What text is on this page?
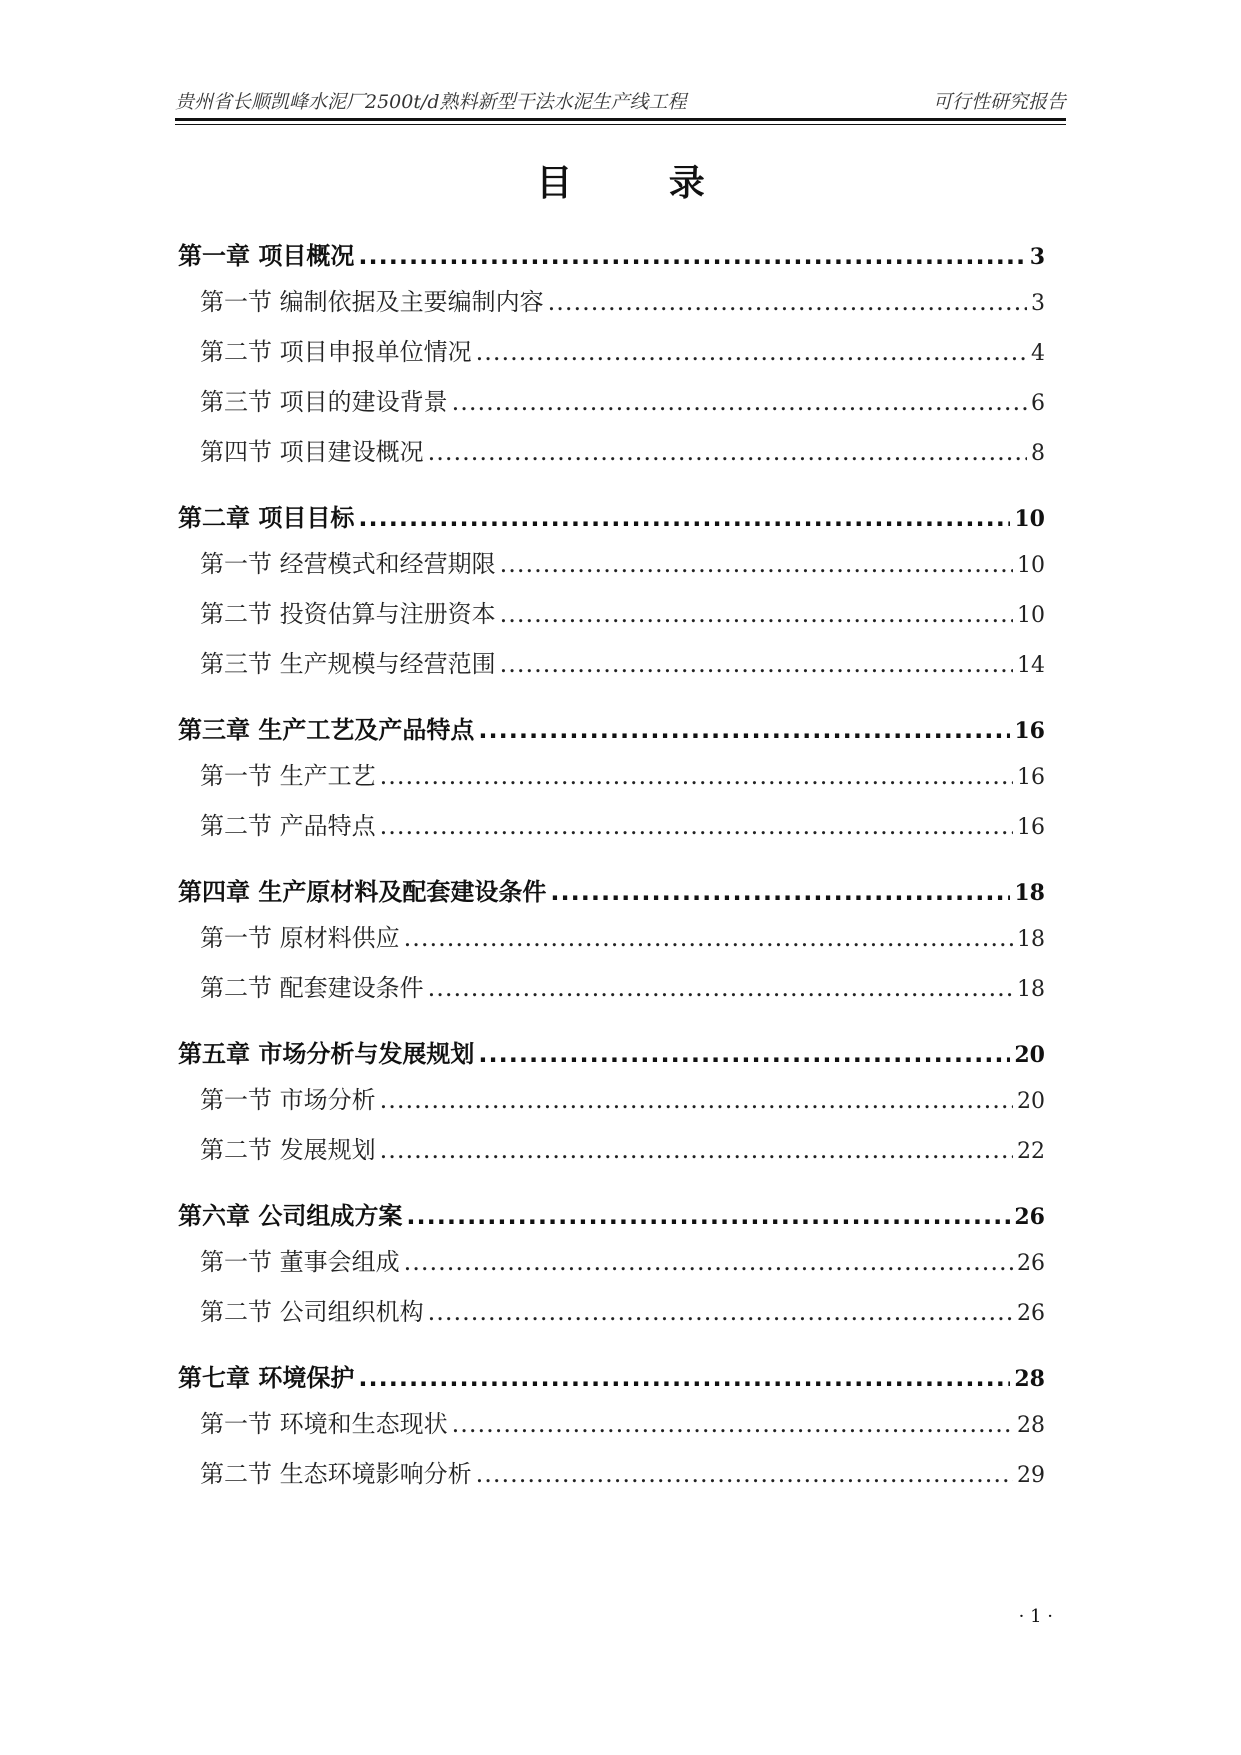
贵州省长顺凯峰水泥厂2500t/d熟料新型干法水泥生产线工程	可行性研究报告
目 录
第一章 项目概况 .....	3
第一节 编制依据及主要编制内容 .....	3
第二节 项目申报单位情况 .....	4
第三节 项目的建设背景 .....	6
第四节 项目建设概况 .....	8
第二章 项目目标 .....	10
第一节 经营模式和经营期限 .....	10
第二节 投资估算与注册资本 .....	10
第三节 生产规模与经营范围 .....	14
第三章 生产工艺及产品特点 .....	16
第一节 生产工艺 .....	16
第二节 产品特点 .....	16
第四章 生产原材料及配套建设条件 .....	18
第一节 原材料供应 .....	18
第二节 配套建设条件 .....	18
第五章 市场分析与发展规划 .....	20
第一节 市场分析 .....	20
第二节 发展规划 .....	22
第六章 公司组成方案 .....	26
第一节 董事会组成 .....	26
第二节 公司组织机构 .....	26
第七章 环境保护 .....	28
第一节 环境和生态现状 .....	28
第二节 生态环境影响分析 .....	29
· 1 ·
